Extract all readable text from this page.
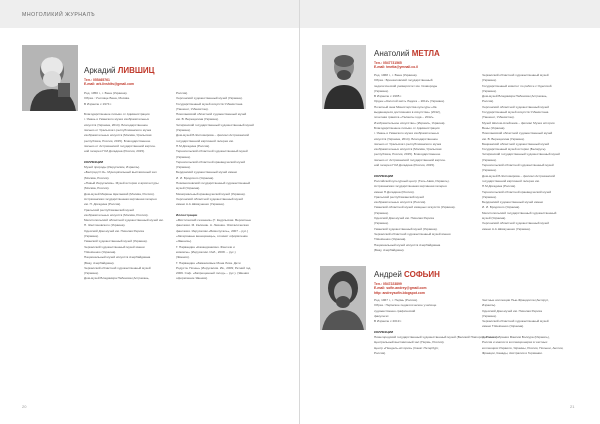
МНОГОЛИКИЙ ЖУРНАЛЪ
Аркадий ЛИВШИЦ
Тел.: 055465761
E-mail: ark.livshits@gmail.com

Род. 1950 г., г. Вена (Украина).

Образ.: Училище Вена, Москва.

В Израиле с 1974 г.

Благодарственное письмо от Администрации

г. Умань и Уманского музея изобразительных

искусств (Украина, 2014). Благодарственное

письмо от Уральского республиканского музея

изобразительных искусств (Москва, Уральская

республика, Россия, 2015). Благодарственное

письмо от Астраханской государственной картин-

ной галереи П.М.Догадина (Россия, 2015).

КОЛЛЕКЦИИ

Музей природы (Иерусалим, Израиль).

«Белград О.Э». Муниципальный выставочный зал

(Москва, Россия).

«Новый Иерусалим». Музей истории и архитектуры

(Москва, Россия).

Дом-музей Марины Цветаевой (Москва, Россия).

Астраханская государственная картинная галерея

им. П. Догадина (Россия).

Уральский республиканский музей

изобразительных искусств (Москва, Россия).

Мелитопольский областной художественный музей им.

Н. Желтиновского (Украина).

Одесский Дом-музей им. Николая Рериха

(Украина).

Уманский художественный музей (Украина).

Черкасский художественный музей имени

Т.Шевченко (Украина).

Национальный музей искусств Азербайджана

(Баку, Азербайджан).

Черкасский областной художественный музей

(Украина).

Дом-музей Владимира Набокова (Астрахань,

Россия).

Херсонский художественный музей (Украина).

Государственный музей искусств Узбекистана

(Ташкент, Узбекистан).

Николаевский областной художественный музей

им. В. Верещагина (Украина).

Чигиринский государственный художественный музей

(Украина).

Дом-музей Б.Житомирова – филиал Астраханской

государственной картинной галереи им.

П.М.Догадина (Россия).

Тернопольский областной художественный музей

(Украина).

Тернопольский областной краеведческий музей

(Украина).

Бердянский художественный музей имени

И. И. Бродского (Украина).

Новомосковский государственный художественный

музей (Украина).

Мемориальный краеведческий музей (Украина).

Херсонский областной художественный музей

имени А.А.Шовкуненко (Украина).

Иллюстрации

«Мистический сезонник» (Г. Кедрльская. Вероятные

фантазии. М. Калинин. А. Левшин. Эпиталическая

фантазия. Иерусалим «Бимолуталь», 2007 – рус.)

«Затерянные венецианцы», сочинит оформление

«Эвения»).

Г. Парвандин «Казандзакиянз. Фэнтези и

комиксы» (Иерусалим. Инб., 2008. – рус.)

(Эвения).

Г. Парвандин «Заманчивые Мона Лиза. Дети

Родуста. Поэзы» (Иерусалим. Ив., 2009; Ретний год.

2009. Соф. «Запрещенный голод» – рус.). (Эвения

оформление Эвения).

Анатолий МЕТЛА
Тел.: 0547731565
E-mail: tmetla@ymnall.co.il

Род. 1968 г., г. Вена (Украина).

Образ.: Бронзатовский государственный

педагогический университет им. Сковороды

(Украина).

В Израиле с 1995 г.

Орден «Золотой кисть Ладога – 2012» (Украина).

Почетный знак Министерства культуры «За

выдающиеся достижения в искусстве» (2012),

почетная грамота «Таланты года – 2012».

Изобразительное искусство» (Израиль, Украина).

Благодарственное письмо от Администрации

г. Умань и Уманского музея изобразительных

искусств (Украина, 2014). Благодарственное

письмо от Уральского республиканского музея

изобразительных искусств (Москва, Уральская

республика, Россия, 2015). Благодарственное

письмо от Астраханской государственной картин-

ной галереи П.М.Догадина (Россия, 2015).

КОЛЛЕКЦИИ

Российский культурный центр (Тель-Авив, Израиль).

Астраханская государственная картинная галерея

имени П.Догадина (Россия).

Уральский республиканский музей

изобразительных искусств (Россия).

Уманский областной музей изящных искусств (Украина).

(Украина).

Одесский Дом-музей им. Николая Рериха

(Украина).

Уманский художественный музей (Украина).

Черкасский областной художественный музей имени

Т.Шевченко (Украина).

Национальный музей искусств Азербайджана

(Баку, Азербайджан).

Черкасский областной художественный музей

(Украина).

Государственный комитет по работе с Одесской

(Украина).

Дом-музей Владимира Набокова (Астрахань,

Россия).

Херсонский областной художественный музей

Государственный музей искусств Узбекистана

(Ташкент, Узбекистан).

Музей Шолом-Алейхема – филиал Музея истории

Вены (Украина).

Николаевский областной художественный музей

им. В. Верещагина (Украина).

Бацианский областной художественный музей

Государственный музей истории (Беларусь).

Чигиринский государственный художественный музей

(Украина).

Тернопольский областной художественный музей

(Украина).

Дом-музей Б.Житомирова – филиал Астраханской

государственной картинной галереи им.

П.М.Догадина (Россия).

Тернопольский областной краеведческий музей

(Украина).

Бердянский художественный музей имени

И. И. Бродского (Украина).

Мелитопольский государственный художественный

музей (Украина).

Херсонский областной художественный музей

имени А.А.Шовкуненко (Украина).

Андрей СОФЬИН
Тел.: 0547223899
E-mail: sofin.andrey@gmail.com
http: andreysofin.blogspot.com

Род. 1967 г., г. Пермь (Россия).

Образ.: Пермское педагогическое училище

художественно-графический

факультет.

В Израиле с 2019 г.

КОЛЛЕКЦИИ

Нижегородский государственный художественный музей (Великий Новгород, Россия).

Центральный выставочный зал (Пермь, Россия).

Центр «Пендель-история» (Санкт-Петербург,

Россия).

Частные коллекции Нью-Франдолла (Антирус,

Израиль).

Одесский Дом-музей им. Николая Рериха

(Украина).

Черкасский областной художественный музей

имени Т.Шевченко (Украина).

Частные собрания Максим Волкура (Израиль),

Россия и многих в коллекционерах в частных

коллекциях Израиля, Украины, России, Польши, Англии,

Франции, Канады, Австралии и Германии.

20	21
